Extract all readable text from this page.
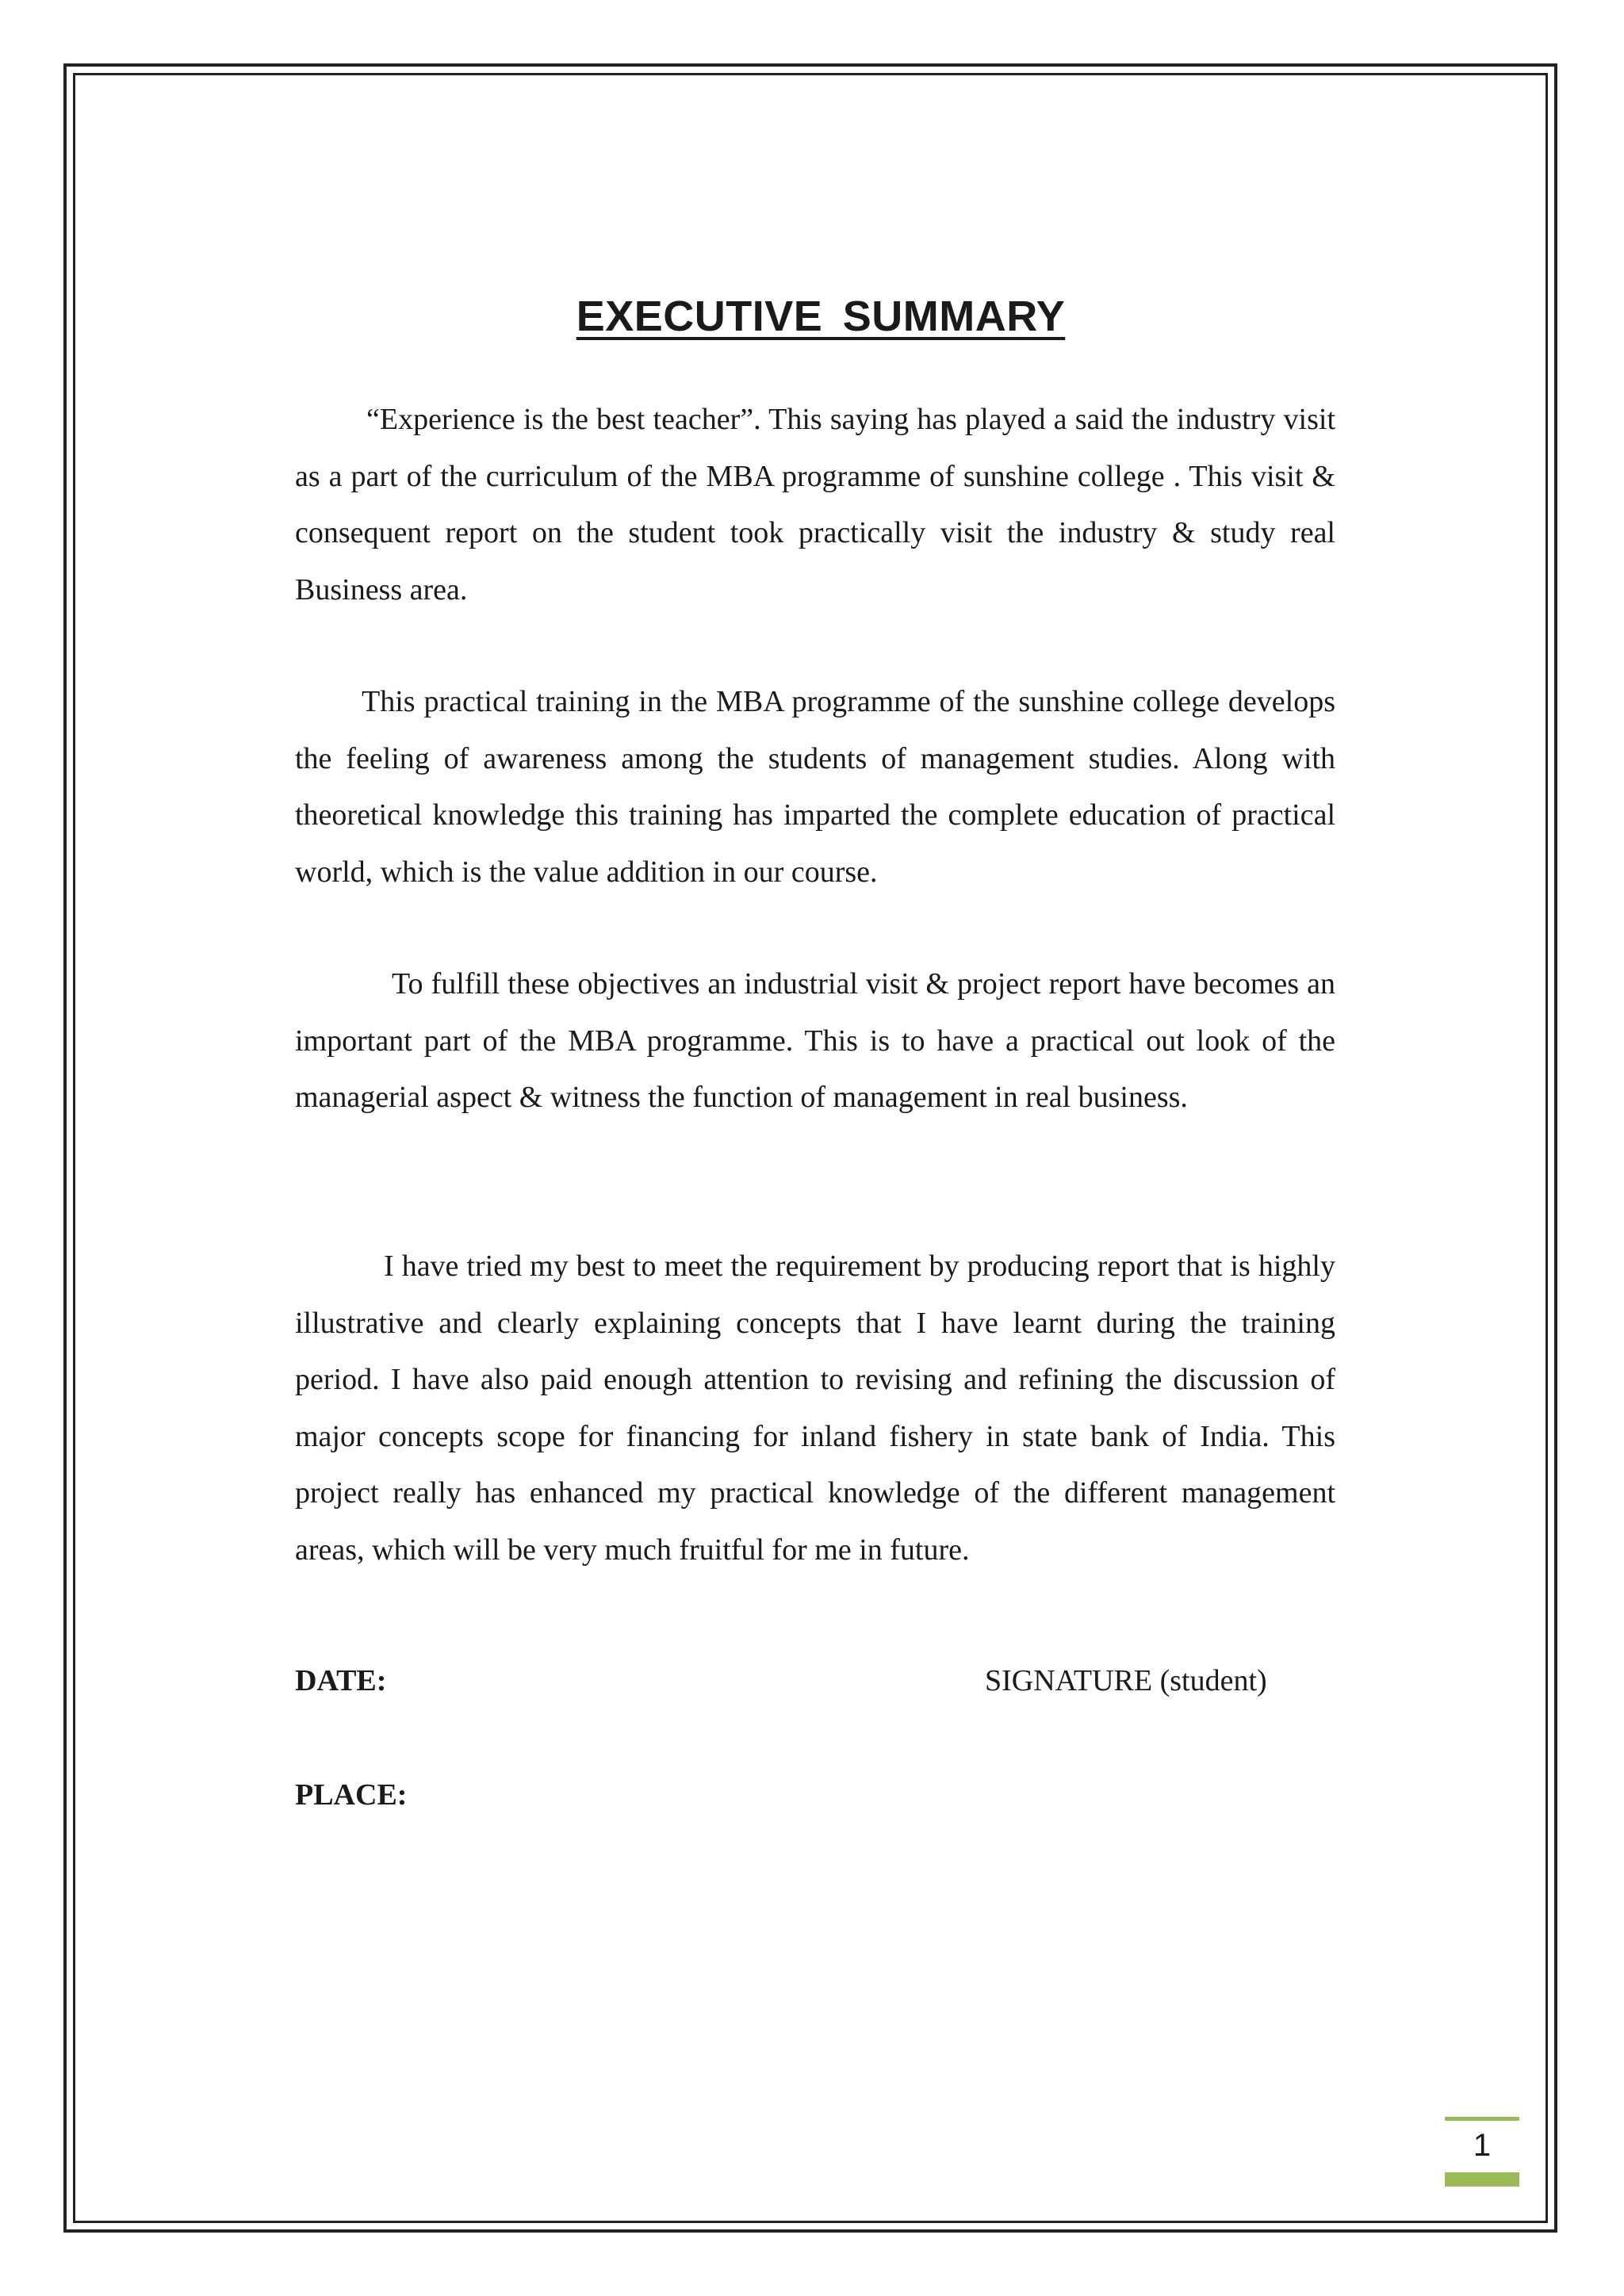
EXECUTIVE SUMMARY

“Experience is the best teacher”. This saying has played a said the industry visit as a part of the curriculum of the MBA programme of sunshine college . This visit & consequent report on the student took practically visit the industry & study real Business area.

This practical training in the MBA programme of the sunshine college develops the feeling of awareness among the students of management studies. Along with theoretical knowledge this training has imparted the complete education of practical world, which is the value addition in our course.

To fulfill these objectives an industrial visit & project report have becomes an important part of the MBA programme. This is to have a practical out look of the managerial aspect & witness the function of management in real business.

I have tried my best to meet the requirement by producing report that is highly illustrative and clearly explaining concepts that I have learnt during the training period. I have also paid enough attention to revising and refining the discussion of major concepts scope for financing for inland fishery in state bank of India. This project really has enhanced my practical knowledge of the different management areas, which will be very much fruitful for me in future.

DATE:	SIGNATURE (student)
PLACE:
1
